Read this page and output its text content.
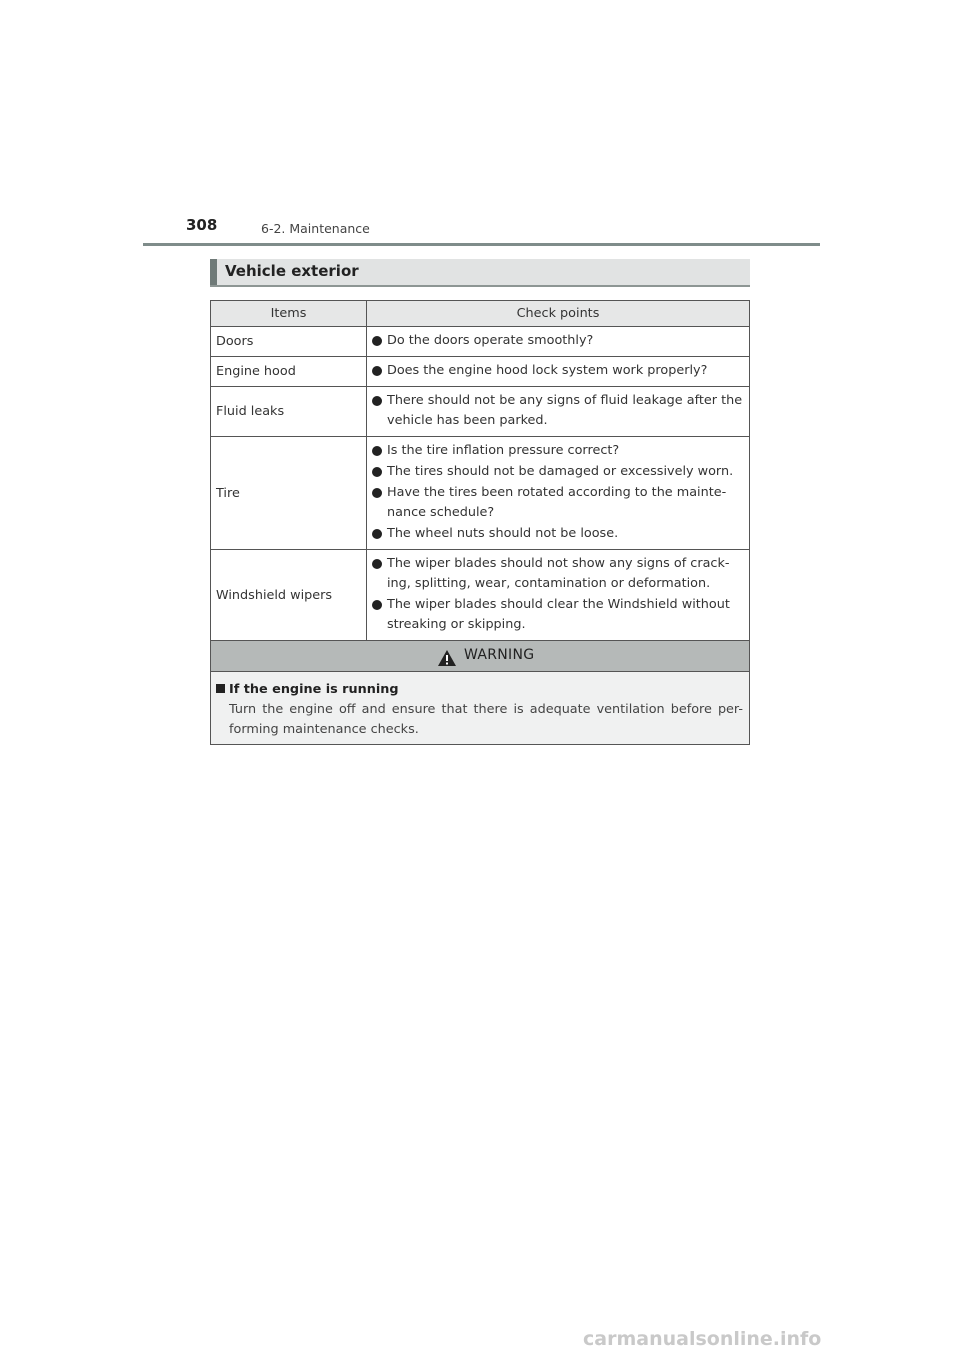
308	6-2. Maintenance
Vehicle exterior
Items	Check points
Doors	Do the doors operate smoothly?

Engine hood	Does the engine hood lock system work properly?

Fluid leaks	There should not be any signs of fluid leakage after the vehicle has been parked.

Tire	Is the tire inflation pressure correct?
The tires should not be damaged or excessively worn.
Have the tires been rotated according to the mainte-nance schedule?
The wheel nuts should not be loose.

Windshield wipers	The wiper blades should not show any signs of crack-ing, splitting, wear, contamination or deformation.
The wiper blades should clear the Windshield without streaking or skipping.
WARNING
If the engine is running
Turn the engine off and ensure that there is adequate ventilation before per-forming maintenance checks.
carmanualsonline.info
